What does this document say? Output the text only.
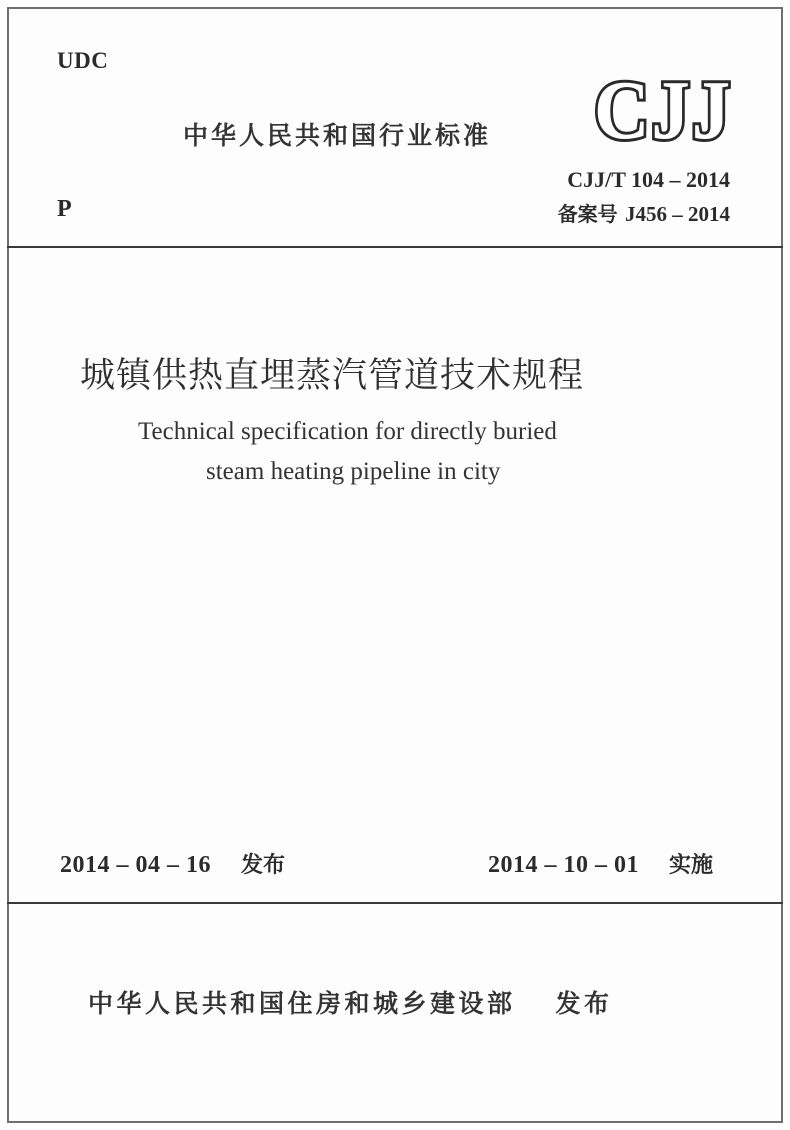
UDC
P
中华人民共和国行业标准 CJJ
CJJ/T 104 – 2014
备案号 J456 – 2014
城镇供热直埋蒸汽管道技术规程
Technical specification for directly buried
steam heating pipeline in city
2014 – 04 – 16 发布	2014 – 10 – 01 实施
中华人民共和国住房和城乡建设部 发布
